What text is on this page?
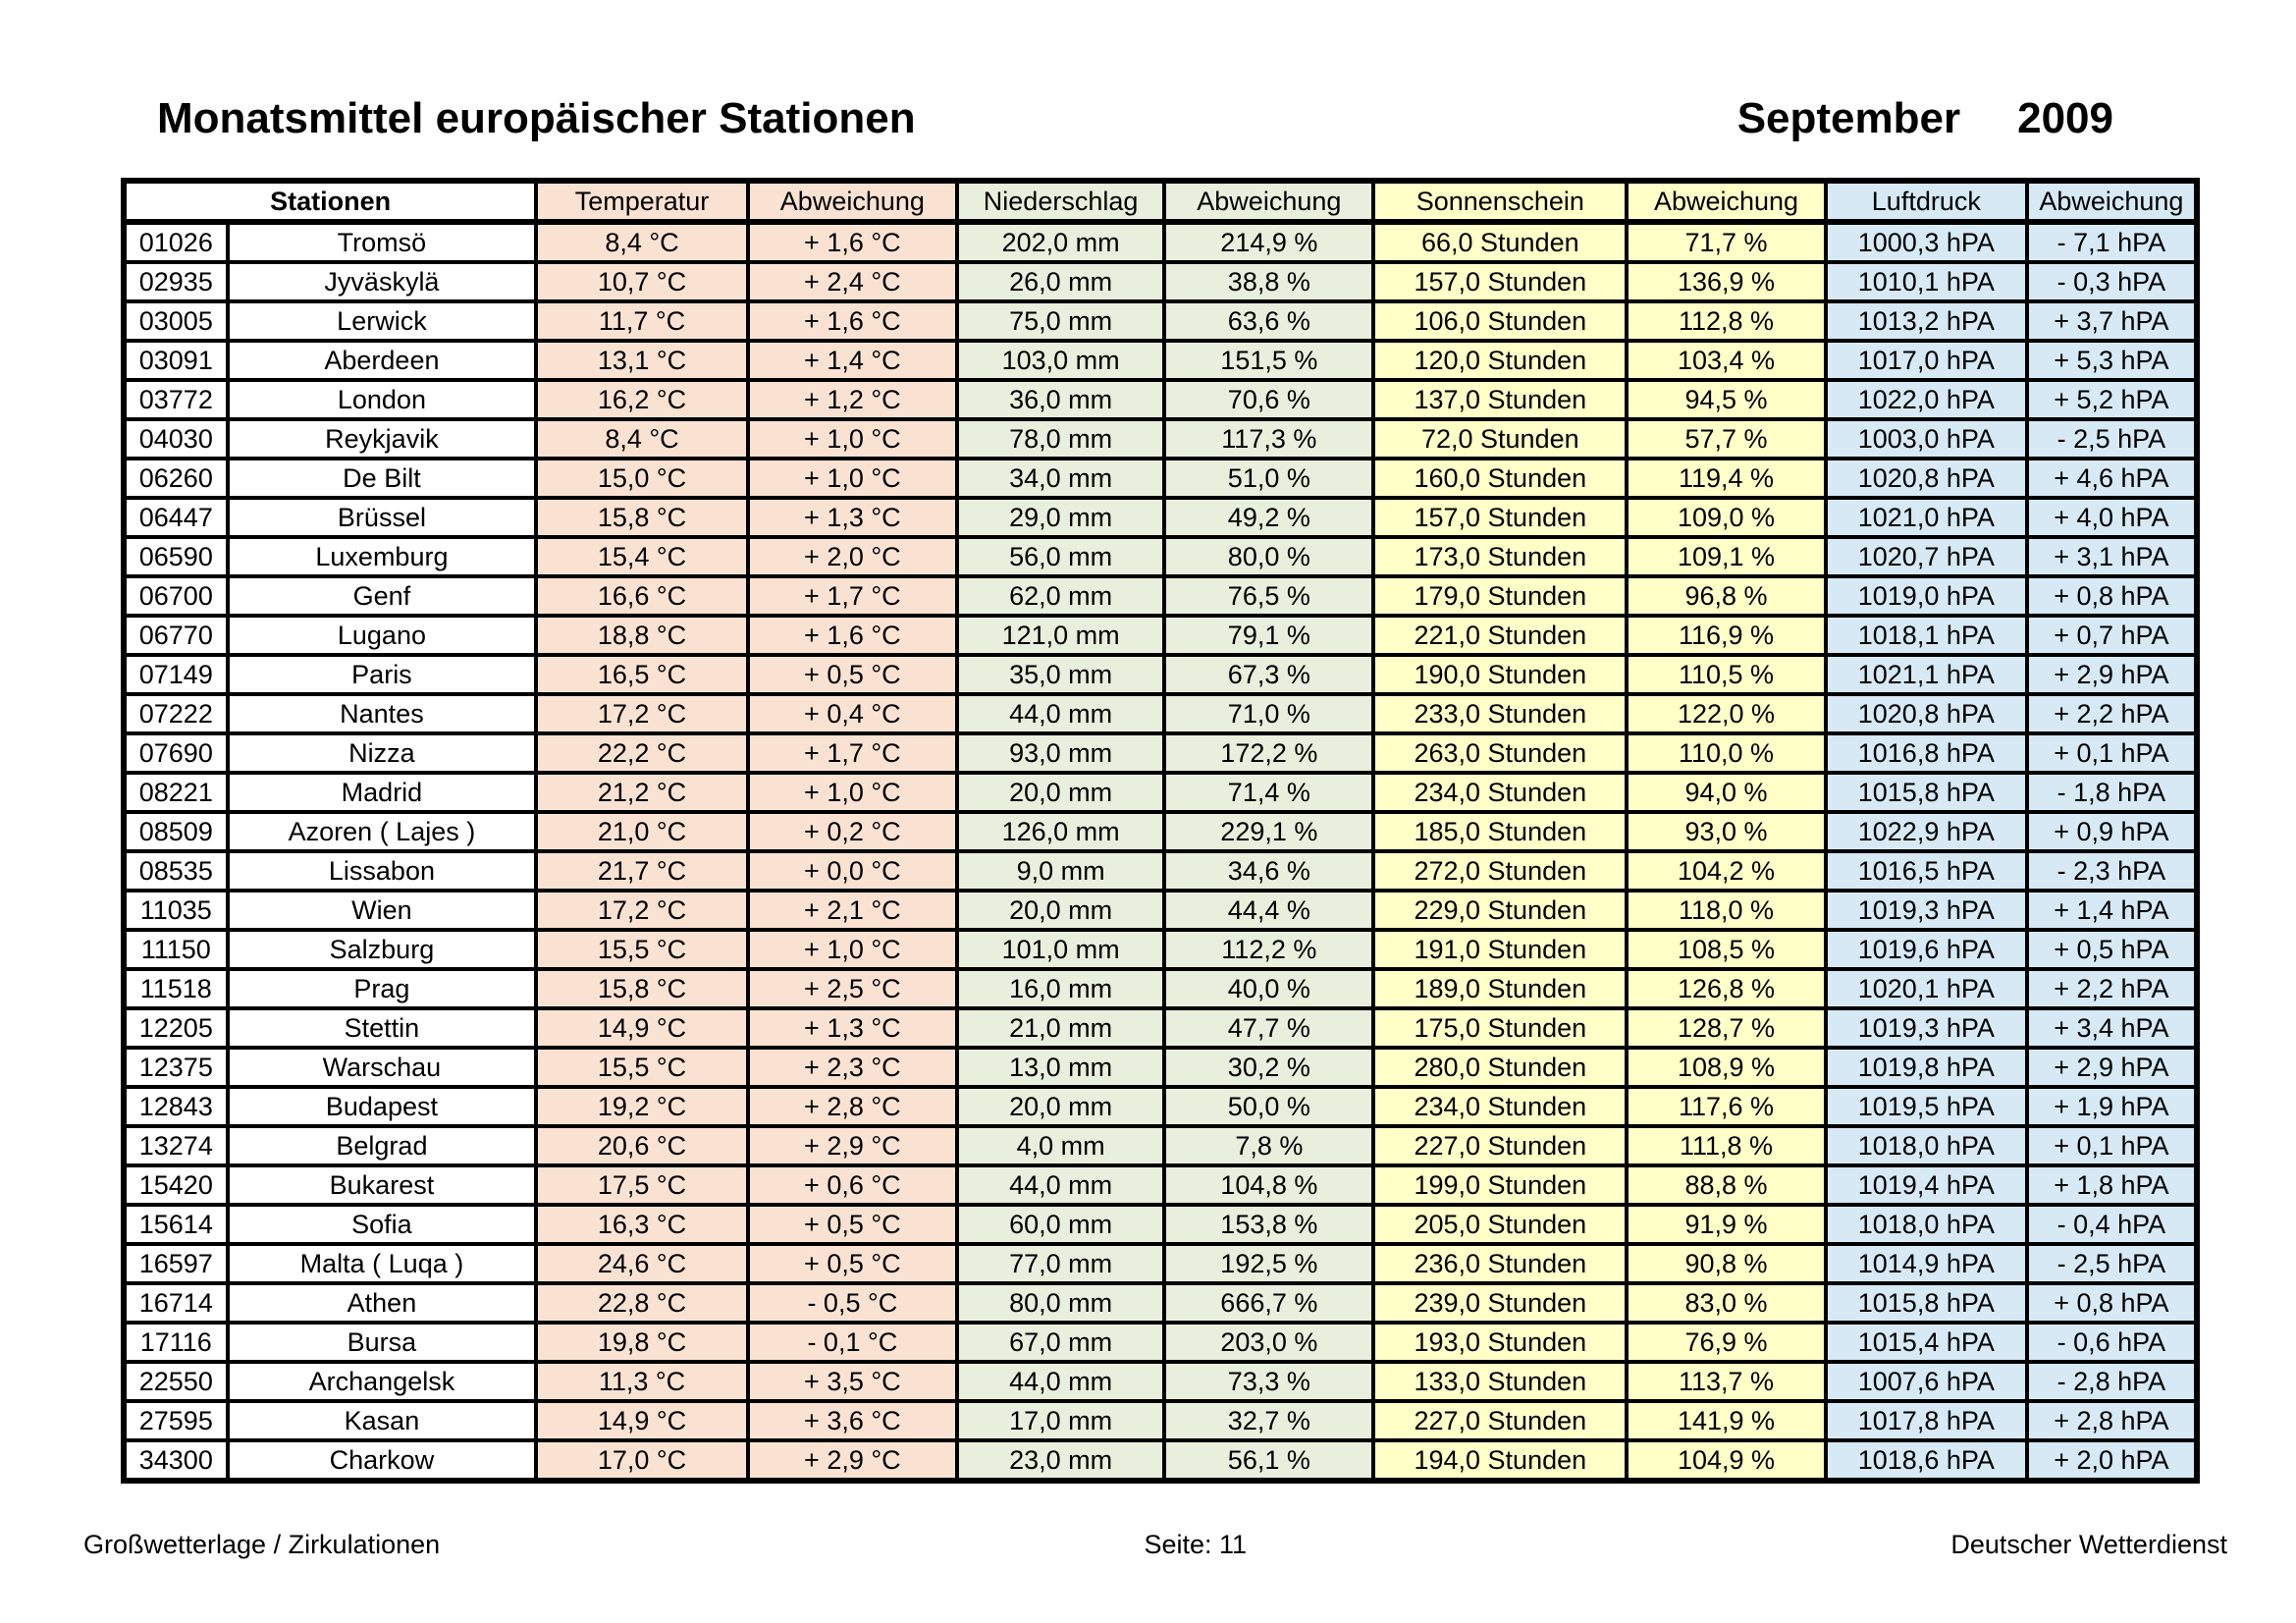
Monatsmittel europäischer Stationen	September 2009
Stationen		Temperatur	Abweichung	Niederschlag	Abweichung	Sonnenschein	Abweichung	Luftdruck	Abweichung
01026	Tromsö	8,4 °C	+ 1,6 °C	202,0 mm	214,9 %	66,0 Stunden	71,7 %	1000,3 hPA	- 7,1 hPA
02935	Jyväskylä	10,7 °C	+ 2,4 °C	26,0 mm	38,8 %	157,0 Stunden	136,9 %	1010,1 hPA	- 0,3 hPA
03005	Lerwick	11,7 °C	+ 1,6 °C	75,0 mm	63,6 %	106,0 Stunden	112,8 %	1013,2 hPA	+ 3,7 hPA
03091	Aberdeen	13,1 °C	+ 1,4 °C	103,0 mm	151,5 %	120,0 Stunden	103,4 %	1017,0 hPA	+ 5,3 hPA
03772	London	16,2 °C	+ 1,2 °C	36,0 mm	70,6 %	137,0 Stunden	94,5 %	1022,0 hPA	+ 5,2 hPA
04030	Reykjavik	8,4 °C	+ 1,0 °C	78,0 mm	117,3 %	72,0 Stunden	57,7 %	1003,0 hPA	- 2,5 hPA
06260	De Bilt	15,0 °C	+ 1,0 °C	34,0 mm	51,0 %	160,0 Stunden	119,4 %	1020,8 hPA	+ 4,6 hPA
06447	Brüssel	15,8 °C	+ 1,3 °C	29,0 mm	49,2 %	157,0 Stunden	109,0 %	1021,0 hPA	+ 4,0 hPA
06590	Luxemburg	15,4 °C	+ 2,0 °C	56,0 mm	80,0 %	173,0 Stunden	109,1 %	1020,7 hPA	+ 3,1 hPA
06700	Genf	16,6 °C	+ 1,7 °C	62,0 mm	76,5 %	179,0 Stunden	96,8 %	1019,0 hPA	+ 0,8 hPA
06770	Lugano	18,8 °C	+ 1,6 °C	121,0 mm	79,1 %	221,0 Stunden	116,9 %	1018,1 hPA	+ 0,7 hPA
07149	Paris	16,5 °C	+ 0,5 °C	35,0 mm	67,3 %	190,0 Stunden	110,5 %	1021,1 hPA	+ 2,9 hPA
07222	Nantes	17,2 °C	+ 0,4 °C	44,0 mm	71,0 %	233,0 Stunden	122,0 %	1020,8 hPA	+ 2,2 hPA
07690	Nizza	22,2 °C	+ 1,7 °C	93,0 mm	172,2 %	263,0 Stunden	110,0 %	1016,8 hPA	+ 0,1 hPA
08221	Madrid	21,2 °C	+ 1,0 °C	20,0 mm	71,4 %	234,0 Stunden	94,0 %	1015,8 hPA	- 1,8 hPA
08509	Azoren ( Lajes )	21,0 °C	+ 0,2 °C	126,0 mm	229,1 %	185,0 Stunden	93,0 %	1022,9 hPA	+ 0,9 hPA
08535	Lissabon	21,7 °C	+ 0,0 °C	9,0 mm	34,6 %	272,0 Stunden	104,2 %	1016,5 hPA	- 2,3 hPA
11035	Wien	17,2 °C	+ 2,1 °C	20,0 mm	44,4 %	229,0 Stunden	118,0 %	1019,3 hPA	+ 1,4 hPA
11150	Salzburg	15,5 °C	+ 1,0 °C	101,0 mm	112,2 %	191,0 Stunden	108,5 %	1019,6 hPA	+ 0,5 hPA
11518	Prag	15,8 °C	+ 2,5 °C	16,0 mm	40,0 %	189,0 Stunden	126,8 %	1020,1 hPA	+ 2,2 hPA
12205	Stettin	14,9 °C	+ 1,3 °C	21,0 mm	47,7 %	175,0 Stunden	128,7 %	1019,3 hPA	+ 3,4 hPA
12375	Warschau	15,5 °C	+ 2,3 °C	13,0 mm	30,2 %	280,0 Stunden	108,9 %	1019,8 hPA	+ 2,9 hPA
12843	Budapest	19,2 °C	+ 2,8 °C	20,0 mm	50,0 %	234,0 Stunden	117,6 %	1019,5 hPA	+ 1,9 hPA
13274	Belgrad	20,6 °C	+ 2,9 °C	4,0 mm	7,8 %	227,0 Stunden	111,8 %	1018,0 hPA	+ 0,1 hPA
15420	Bukarest	17,5 °C	+ 0,6 °C	44,0 mm	104,8 %	199,0 Stunden	88,8 %	1019,4 hPA	+ 1,8 hPA
15614	Sofia	16,3 °C	+ 0,5 °C	60,0 mm	153,8 %	205,0 Stunden	91,9 %	1018,0 hPA	- 0,4 hPA
16597	Malta ( Luqa )	24,6 °C	+ 0,5 °C	77,0 mm	192,5 %	236,0 Stunden	90,8 %	1014,9 hPA	- 2,5 hPA
16714	Athen	22,8 °C	- 0,5 °C	80,0 mm	666,7 %	239,0 Stunden	83,0 %	1015,8 hPA	+ 0,8 hPA
17116	Bursa	19,8 °C	- 0,1 °C	67,0 mm	203,0 %	193,0 Stunden	76,9 %	1015,4 hPA	- 0,6 hPA
22550	Archangelsk	11,3 °C	+ 3,5 °C	44,0 mm	73,3 %	133,0 Stunden	113,7 %	1007,6 hPA	- 2,8 hPA
27595	Kasan	14,9 °C	+ 3,6 °C	17,0 mm	32,7 %	227,0 Stunden	141,9 %	1017,8 hPA	+ 2,8 hPA
34300	Charkow	17,0 °C	+ 2,9 °C	23,0 mm	56,1 %	194,0 Stunden	104,9 %	1018,6 hPA	+ 2,0 hPA
Großwetterlage / Zirkulationen	Seite: 11	Deutscher Wetterdienst
